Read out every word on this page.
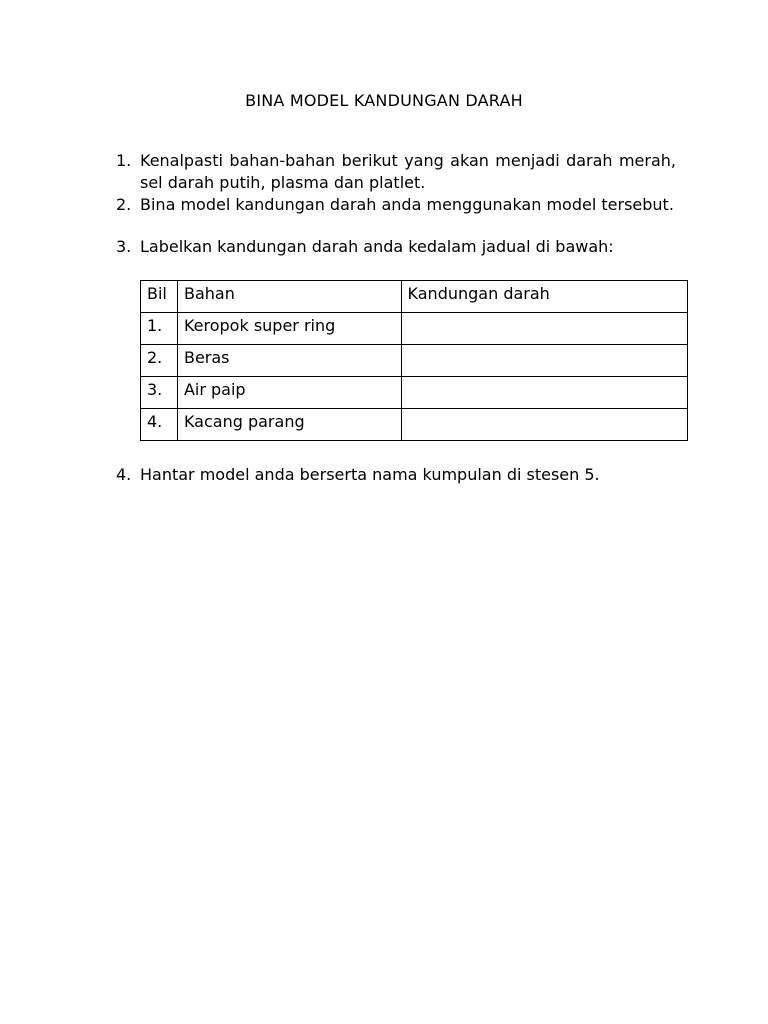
BINA MODEL KANDUNGAN DARAH
1. Kenalpasti bahan-bahan berikut yang akan menjadi darah merah, sel darah putih, plasma dan platlet.
2. Bina model kandungan darah anda menggunakan model tersebut.
3. Labelkan kandungan darah anda kedalam jadual di bawah:
Bil	Bahan	Kandungan darah
1.	Keropok super ring	
2.	Beras	
3.	Air paip	
4.	Kacang parang	
4. Hantar model anda berserta nama kumpulan di stesen 5.
